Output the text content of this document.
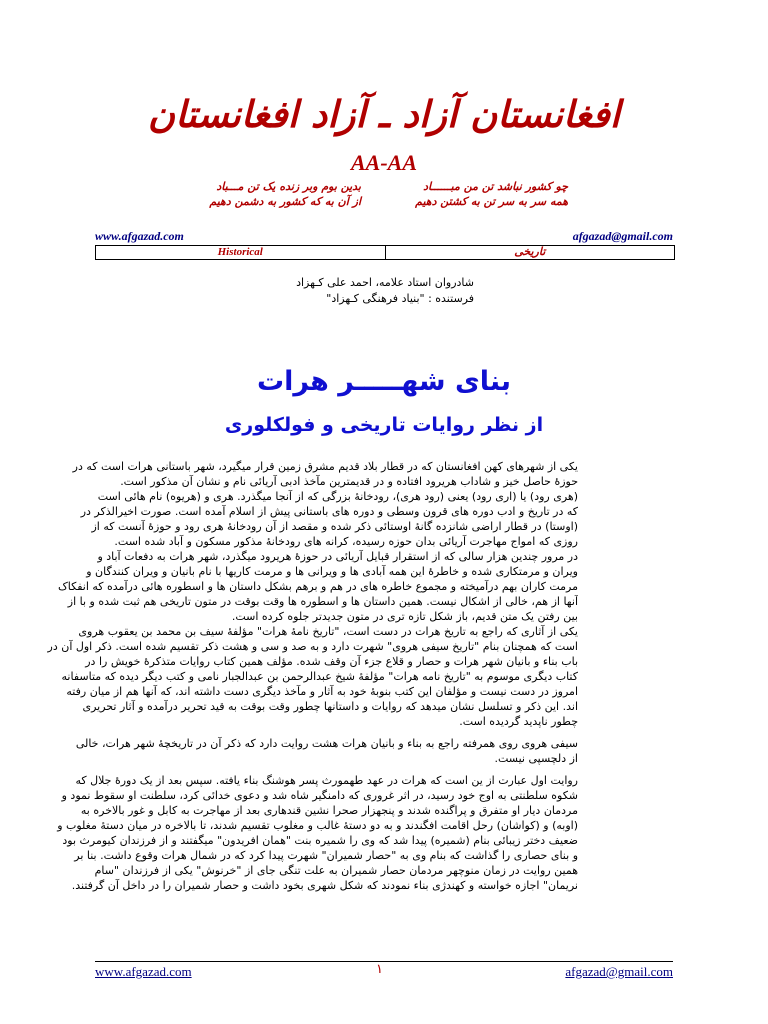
افغانستان آزاد ـ آزاد افغانستان
AA-AA
چو کشور نباشد تن من مبــــــاد
بدین بوم وبر زنده یک تن مـــباد
همه سر به سر تن به کشتن دهیم
از آن به که کشور به دشمن دهیم
www.afgazad.com	afgazad@gmail.com
Historical	تاریخی
شادروان استاد علامه، احمد علی کـهزاد
فرستنده : "بنیاد فرهنگی کـهزاد"
بنای شهـــــر هرات
از نظر روایات تاریخی و فولکلوری
یکی از شهرهای کهن افغانستان که در قطار بلاد قدیم مشرق زمین قرار میگیرد، شهر باستانی هرات است که در
حوزهٔ حاصل خیز و شاداب هریرود افتاده و در قدیمترین مآخذ ادبی آریائی نام و نشان آن مذکور است.
(هری رود) یا (اری رود) یعنی (رود هری)، رودخانهٔ بزرگی که از آنجا میگذرد. هری و (هریوه) نام هائی است
که در تاریخ و ادب دوره های قرون وسطی و دوره های باستانی پیش از اسلام آمده است. صورت اخیرالذکر در
(اوستا) در قطار اراضی شانزده گانهٔ اوستائی ذکر شده و مقصد از آن رودخانهٔ هری رود و حوزهٔ آنست که از
روزی که امواج مهاجرت آریائی بدان حوزه رسیده، کرانه های رودخانهٔ مذکور مسکون و آباد شده است.
در مرور چندین هزار سالی که از استقرار قبایل آریائی در حوزهٔ هریرود میگذرد، شهر هرات به دفعات آباد و
ویران و مرمتکاری شده و خاطرهٔ این همه آبادی ها و ویرانی ها و مرمت کاریها با نام بانیان و ویران کنندگان و
مرمت کاران بهم درآمیخته و مجموع خاطره های در هم و برهم بشکل داستان ها و اسطوره هائی درآمده که انفکاک
آنها از هم، خالی از اشکال نیست. همین داستان ها و اسطوره ها وقت بوقت در متون تاریخی هم ثبت شده و با از
بین رفتن یک متن قدیم، باز شکل تازه تری در متون جدیدتر جلوه کرده است.
یکی از آثاری که راجع به تاریخ هرات در دست است، "تاریخ نامهٔ هرات" مؤلفهٔ سیف بن محمد بن یعقوب هروی
است که همچنان بنام "تاریخ سیفی هروی" شهرت دارد و به صد و سی و هشت ذکر تقسیم شده است. ذکر اول آن در
باب بناء و بانیان شهر هرات و حصار و قلاع جزء آن وقف شده. مؤلف همین کتاب روایات متذکرهٔ خویش را در
کتاب دیگری موسوم به "تاریخ نامه هرات" مؤلفهٔ شیخ عبدالرحمن بن عبدالجبار نامی و کتب دیگر دیده که متاسفانه
امروز در دست نیست و مؤلفان این کتب بنوبهٔ خود به آثار و مآخذ دیگری دست داشته اند، که آنها هم از میان رفته
اند. این ذکر و تسلسل نشان میدهد که روایات و داستانها چطور وقت بوقت به قید تحریر درآمده و آثار تحریری
چطور ناپدید گردیده است.
سیفی هروی روی همرفته راجع به بناء و بانیان هرات هشت روایت دارد که ذکر آن در تاریخچهٔ شهر هرات، خالی
از دلچسپی نیست.
روایت اول عبارت از ین است که هرات در عهد طهمورث پسر هوشنگ بناء یافته. سپس بعد از یک دورهٔ جلال که
شکوه سلطنتی به اوج خود رسید، در اثر غروری که دامنگیر شاه شد و دعوی خدائی کرد، سلطنت او سقوط نمود و
مردمان دیار او متفرق و پراگنده شدند و پنجهزار صحرا نشین قندهاری بعد از مهاجرت به کابل و غور بالاخره به
(اوبه) و (کواشان) رحل اقامت افگندند و به دو دستهٔ غالب و مغلوب تقسیم شدند، تا بالاخره در میان دستهٔ مغلوب و
ضعیف دختر زیبائی بنام (شمیره) پیدا شد که وی را شمیره بنت "همان افریدون" میگفتند و از فرزندان کیومرث بود
و بنای حصاری را گذاشت که بنام وی به "حصار شمیران" شهرت پیدا کرد که در شمال هرات وقوع داشت. بنا بر
همین روایت در زمان منوچهر مردمان حصار شمیران به علت تنگی جای از "خرنوش" یکی از فرزندان "سام
نریمان" اجازه خواسته و کهندژی بناء نمودند که شکل شهری بخود داشت و حصار شمیران را در داخل آن گرفتند.
www.afgazad.com	١	afgazad@gmail.com
